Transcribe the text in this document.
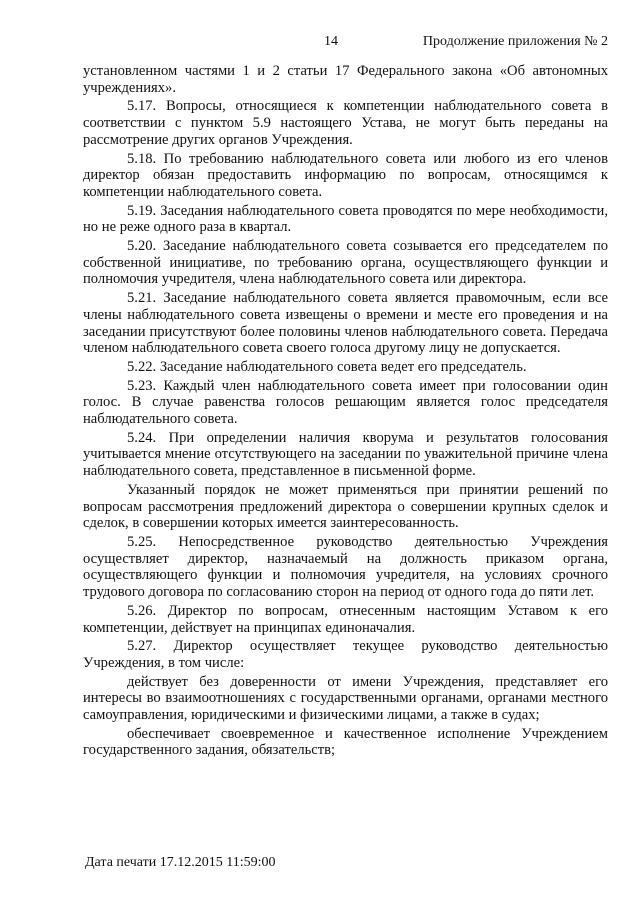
14	Продолжение приложения № 2

установленном частями 1 и 2 статьи 17 Федерального закона «Об автономных учреждениях».

5.17. Вопросы, относящиеся к компетенции наблюдательного совета в соответствии с пунктом 5.9 настоящего Устава, не могут быть переданы на рассмотрение других органов Учреждения.

5.18. По требованию наблюдательного совета или любого из его членов директор обязан предоставить информацию по вопросам, относящимся к компетенции наблюдательного совета.

5.19. Заседания наблюдательного совета проводятся по мере необходимости, но не реже одного раза в квартал.

5.20. Заседание наблюдательного совета созывается его председателем по собственной инициативе, по требованию органа, осуществляющего функции и полномочия учредителя, члена наблюдательного совета или директора.

5.21. Заседание наблюдательного совета является правомочным, если все члены наблюдательного совета извещены о времени и месте его проведения и на заседании присутствуют более половины членов наблюдательного совета. Передача членом наблюдательного совета своего голоса другому лицу не допускается.

5.22. Заседание наблюдательного совета ведет его председатель.

5.23. Каждый член наблюдательного совета имеет при голосовании один голос. В случае равенства голосов решающим является голос председателя наблюдательного совета.

5.24. При определении наличия кворума и результатов голосования учитывается мнение отсутствующего на заседании по уважительной причине члена наблюдательного совета, представленное в письменной форме.

Указанный порядок не может применяться при принятии решений по вопросам рассмотрения предложений директора о совершении крупных сделок и сделок, в совершении которых имеется заинтересованность.

5.25. Непосредственное руководство деятельностью Учреждения осуществляет директор, назначаемый на должность приказом органа, осуществляющего функции и полномочия учредителя, на условиях срочного трудового договора по согласованию сторон на период от одного года до пяти лет.

5.26. Директор по вопросам, отнесенным настоящим Уставом к его компетенции, действует на принципах единоначалия.

5.27. Директор осуществляет текущее руководство деятельностью Учреждения, в том числе:

действует без доверенности от имени Учреждения, представляет его интересы во взаимоотношениях с государственными органами, органами местного самоуправления, юридическими и физическими лицами, а также в судах;

обеспечивает своевременное и качественное исполнение Учреждением государственного задания, обязательств;

Дата печати 17.12.2015 11:59:00
